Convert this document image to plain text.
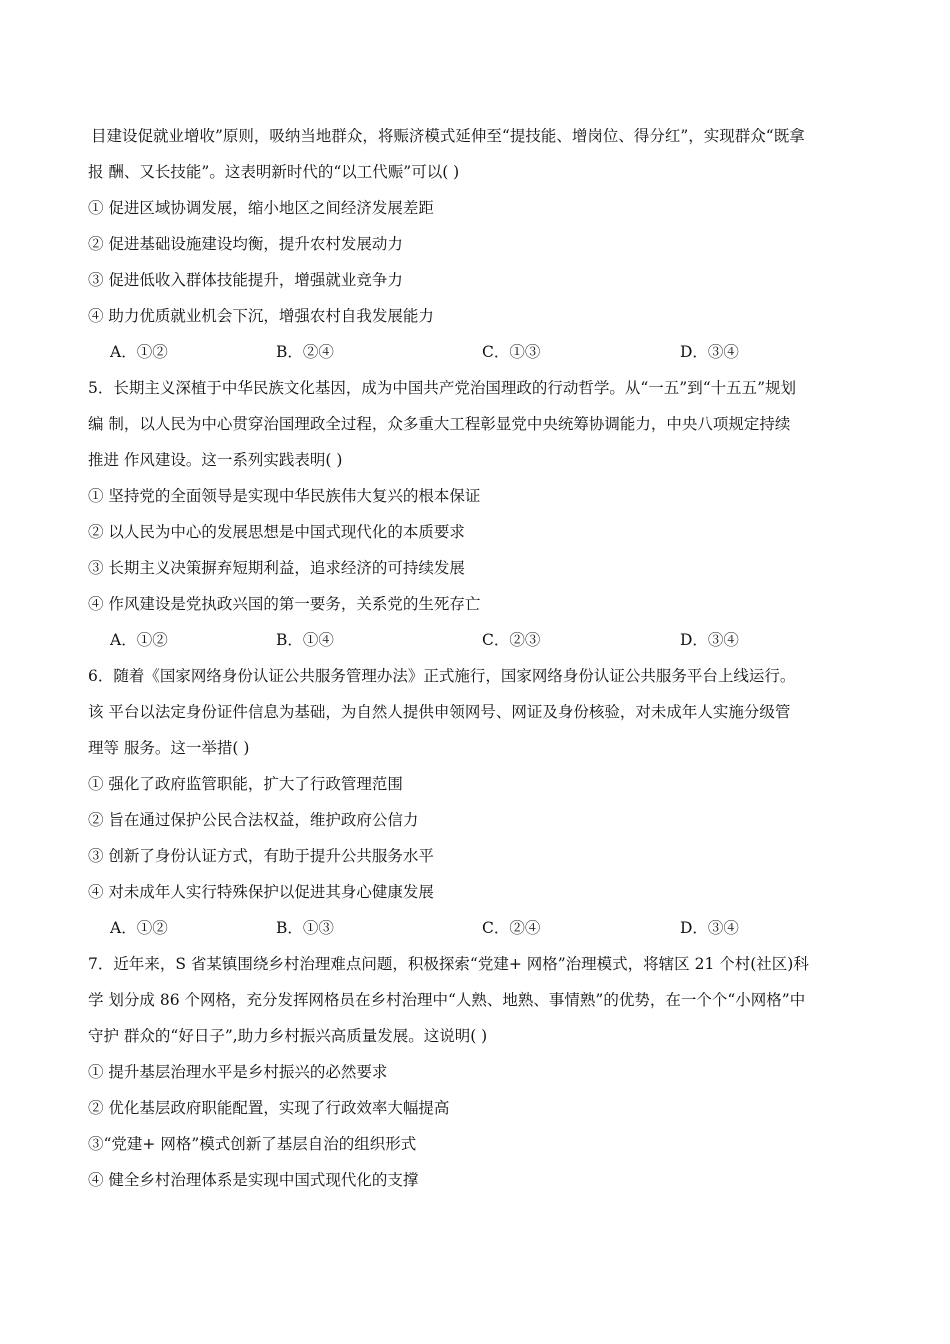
目建设促就业增收”原则，吸纳当地群众，将赈济模式延伸至“提技能、增岗位、得分红”，实现群众“既拿
报 酬、又长技能”。这表明新时代的“以工代赈”可以( )
① 促进区域协调发展，缩小地区之间经济发展差距
② 促进基础设施建设均衡，提升农村发展动力
③ 促进低收入群体技能提升，增强就业竞争力
④ 助力优质就业机会下沉，增强农村自我发展能力
A．①②	B．②④	C．①③	D．③④
5．长期主义深植于中华民族文化基因，成为中国共产党治国理政的行动哲学。从“一五”到“十五五”规划
编 制，以人民为中心贯穿治国理政全过程，众多重大工程彰显党中央统筹协调能力，中央八项规定持续
推进 作风建设。这一系列实践表明( )
① 坚持党的全面领导是实现中华民族伟大复兴的根本保证
② 以人民为中心的发展思想是中国式现代化的本质要求
③ 长期主义决策摒弃短期利益，追求经济的可持续发展
④ 作风建设是党执政兴国的第一要务，关系党的生死存亡
A．①②	B．①④	C．②③	D．③④
6．随着《国家网络身份认证公共服务管理办法》正式施行，国家网络身份认证公共服务平台上线运行。
该 平台以法定身份证件信息为基础，为自然人提供申领网号、网证及身份核验，对未成年人实施分级管
理等 服务。这一举措( )
① 强化了政府监管职能，扩大了行政管理范围
② 旨在通过保护公民合法权益，维护政府公信力
③ 创新了身份认证方式，有助于提升公共服务水平
④ 对未成年人实行特殊保护以促进其身心健康发展
A．①②	B．①③	C．②④	D．③④
7．近年来，S 省某镇围绕乡村治理难点问题，积极探索“党建+ 网格”治理模式，将辖区 21 个村(社区)科
学 划分成 86 个网格，充分发挥网格员在乡村治理中“人熟、地熟、事情熟”的优势，在一个个“小网格”中
守护 群众的“好日子”,助力乡村振兴高质量发展。这说明( )
① 提升基层治理水平是乡村振兴的必然要求
② 优化基层政府职能配置，实现了行政效率大幅提高
③“党建+ 网格”模式创新了基层自治的组织形式
④ 健全乡村治理体系是实现中国式现代化的支撑
